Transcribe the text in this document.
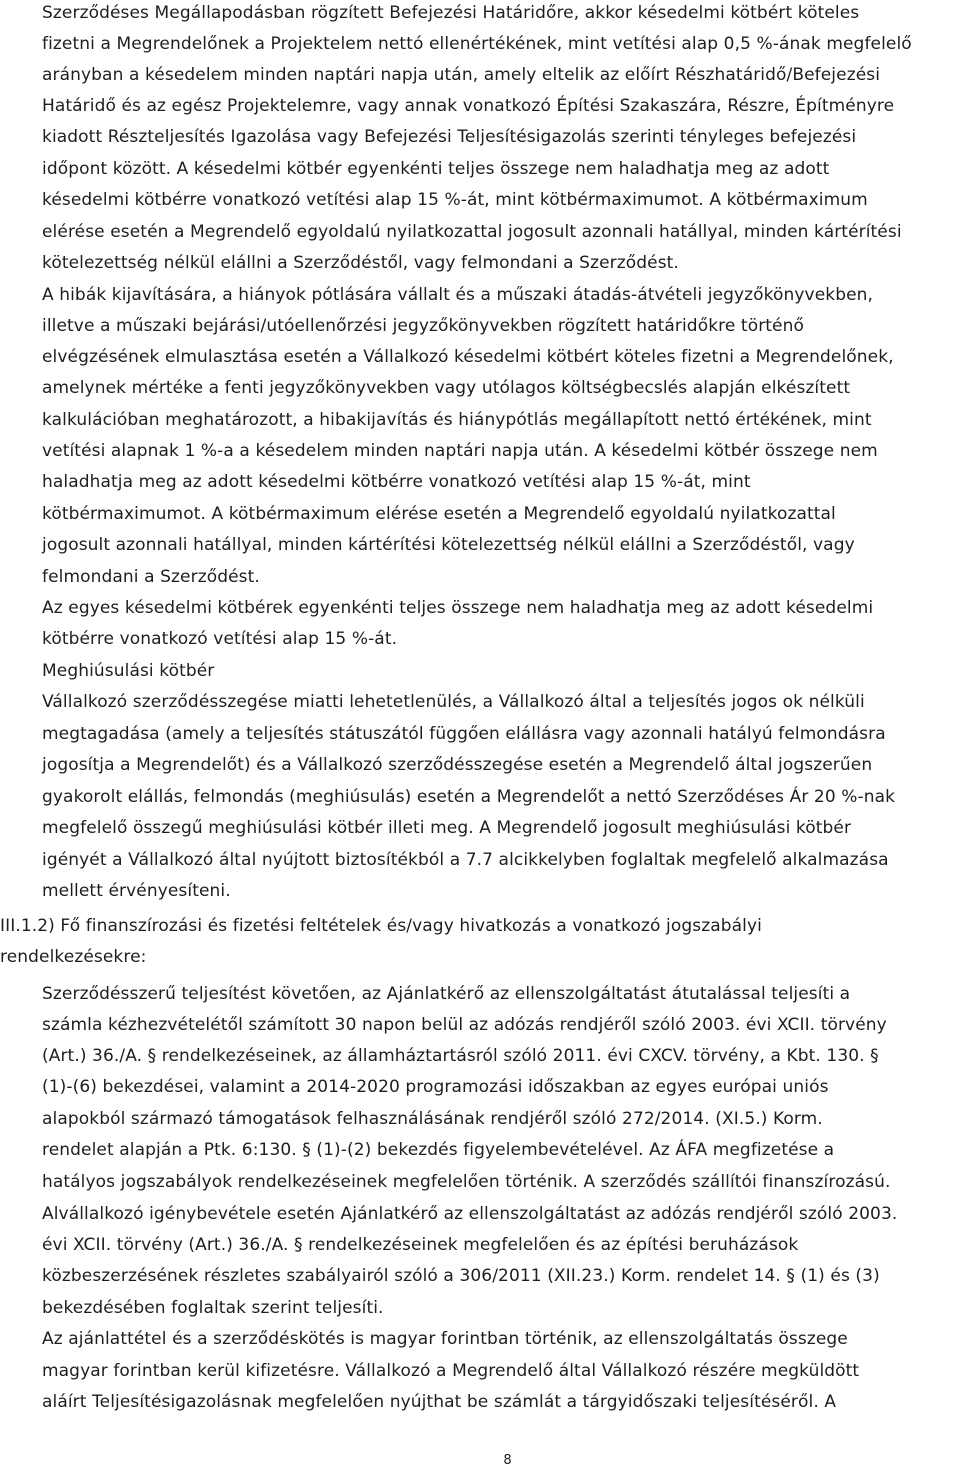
Szerződéses Megállapodásban rögzített Befejezési Határidőre, akkor késedelmi kötbért köteles
fizetni a Megrendelőnek a Projektelem nettó ellenértékének, mint vetítési alap 0,5 %-ának megfelelő
arányban a késedelem minden naptári napja után, amely eltelik az előírt Részhatáridő/Befejezési
Határidő és az egész Projektelemre, vagy annak vonatkozó Építési Szakaszára, Részre, Építményre
kiadott Részteljesítés Igazolása vagy Befejezési Teljesítésigazolás szerinti tényleges befejezési
időpont között. A késedelmi kötbér egyenkénti teljes összege nem haladhatja meg az adott
késedelmi kötbérre vonatkozó vetítési alap 15 %-át, mint kötbérmaximumot. A kötbérmaximum
elérése esetén a Megrendelő egyoldalú nyilatkozattal jogosult azonnali hatállyal, minden kártérítési
kötelezettség nélkül elállni a Szerződéstől, vagy felmondani a Szerződést.
A hibák kijavítására, a hiányok pótlására vállalt és a műszaki átadás-átvételi jegyzőkönyvekben,
illetve a műszaki bejárási/utóellenőrzési jegyzőkönyvekben rögzített határidőkre történő
elvégzésének elmulasztása esetén a Vállalkozó késedelmi kötbért köteles fizetni a Megrendelőnek,
amelynek mértéke a fenti jegyzőkönyvekben vagy utólagos költségbecslés alapján elkészített
kalkulációban meghatározott, a hibakijavítás és hiánypótlás megállapított nettó értékének, mint
vetítési alapnak 1 %-a a késedelem minden naptári napja után. A késedelmi kötbér összege nem
haladhatja meg az adott késedelmi kötbérre vonatkozó vetítési alap 15 %-át, mint
kötbérmaximumot. A kötbérmaximum elérése esetén a Megrendelő egyoldalú nyilatkozattal
jogosult azonnali hatállyal, minden kártérítési kötelezettség nélkül elállni a Szerződéstől, vagy
felmondani a Szerződést.
Az egyes késedelmi kötbérek egyenkénti teljes összege nem haladhatja meg az adott késedelmi
kötbérre vonatkozó vetítési alap 15 %-át.
Meghiúsulási kötbér
Vállalkozó szerződésszegése miatti lehetetlenülés, a Vállalkozó által a teljesítés jogos ok nélküli
megtagadása (amely a teljesítés státuszától függően elállásra vagy azonnali hatályú felmondásra
jogosítja a Megrendelőt) és a Vállalkozó szerződésszegése esetén a Megrendelő által jogszerűen
gyakorolt elállás, felmondás (meghiúsulás) esetén a Megrendelőt a nettó Szerződéses Ár 20 %-nak
megfelelő összegű meghiúsulási kötbér illeti meg. A Megrendelő jogosult meghiúsulási kötbér
igényét a Vállalkozó által nyújtott biztosítékból a 7.7 alcikkelyben foglaltak megfelelő alkalmazása
mellett érvényesíteni.
III.1.2) Fő finanszírozási és fizetési feltételek és/vagy hivatkozás a vonatkozó jogszabályi
rendelkezésekre:
Szerződésszerű teljesítést követően, az Ajánlatkérő az ellenszolgáltatást átutalással teljesíti a
számla kézhezvételétől számított 30 napon belül az adózás rendjéről szóló 2003. évi XCII. törvény
(Art.) 36./A. § rendelkezéseinek, az államháztartásról szóló 2011. évi CXCV. törvény, a Kbt. 130. §
(1)-(6) bekezdései, valamint a 2014-2020 programozási időszakban az egyes európai uniós
alapokból származó támogatások felhasználásának rendjéről szóló 272/2014. (XI.5.) Korm.
rendelet alapján a Ptk. 6:130. § (1)-(2) bekezdés figyelembevételével. Az ÁFA megfizetése a
hatályos jogszabályok rendelkezéseinek megfelelően történik. A szerződés szállítói finanszírozású.
Alvállalkozó igénybevétele esetén Ajánlatkérő az ellenszolgáltatást az adózás rendjéről szóló 2003.
évi XCII. törvény (Art.) 36./A. § rendelkezéseinek megfelelően és az építési beruházások
közbeszerzésének részletes szabályairól szóló a 306/2011 (XII.23.) Korm. rendelet 14. § (1) és (3)
bekezdésében foglaltak szerint teljesíti.
Az ajánlattétel és a szerződéskötés is magyar forintban történik, az ellenszolgáltatás összege
magyar forintban kerül kifizetésre. Vállalkozó a Megrendelő által Vállalkozó részére megküldött
aláírt Teljesítésigazolásnak megfelelően nyújthat be számlát a tárgyidőszaki teljesítéséről. A
8
